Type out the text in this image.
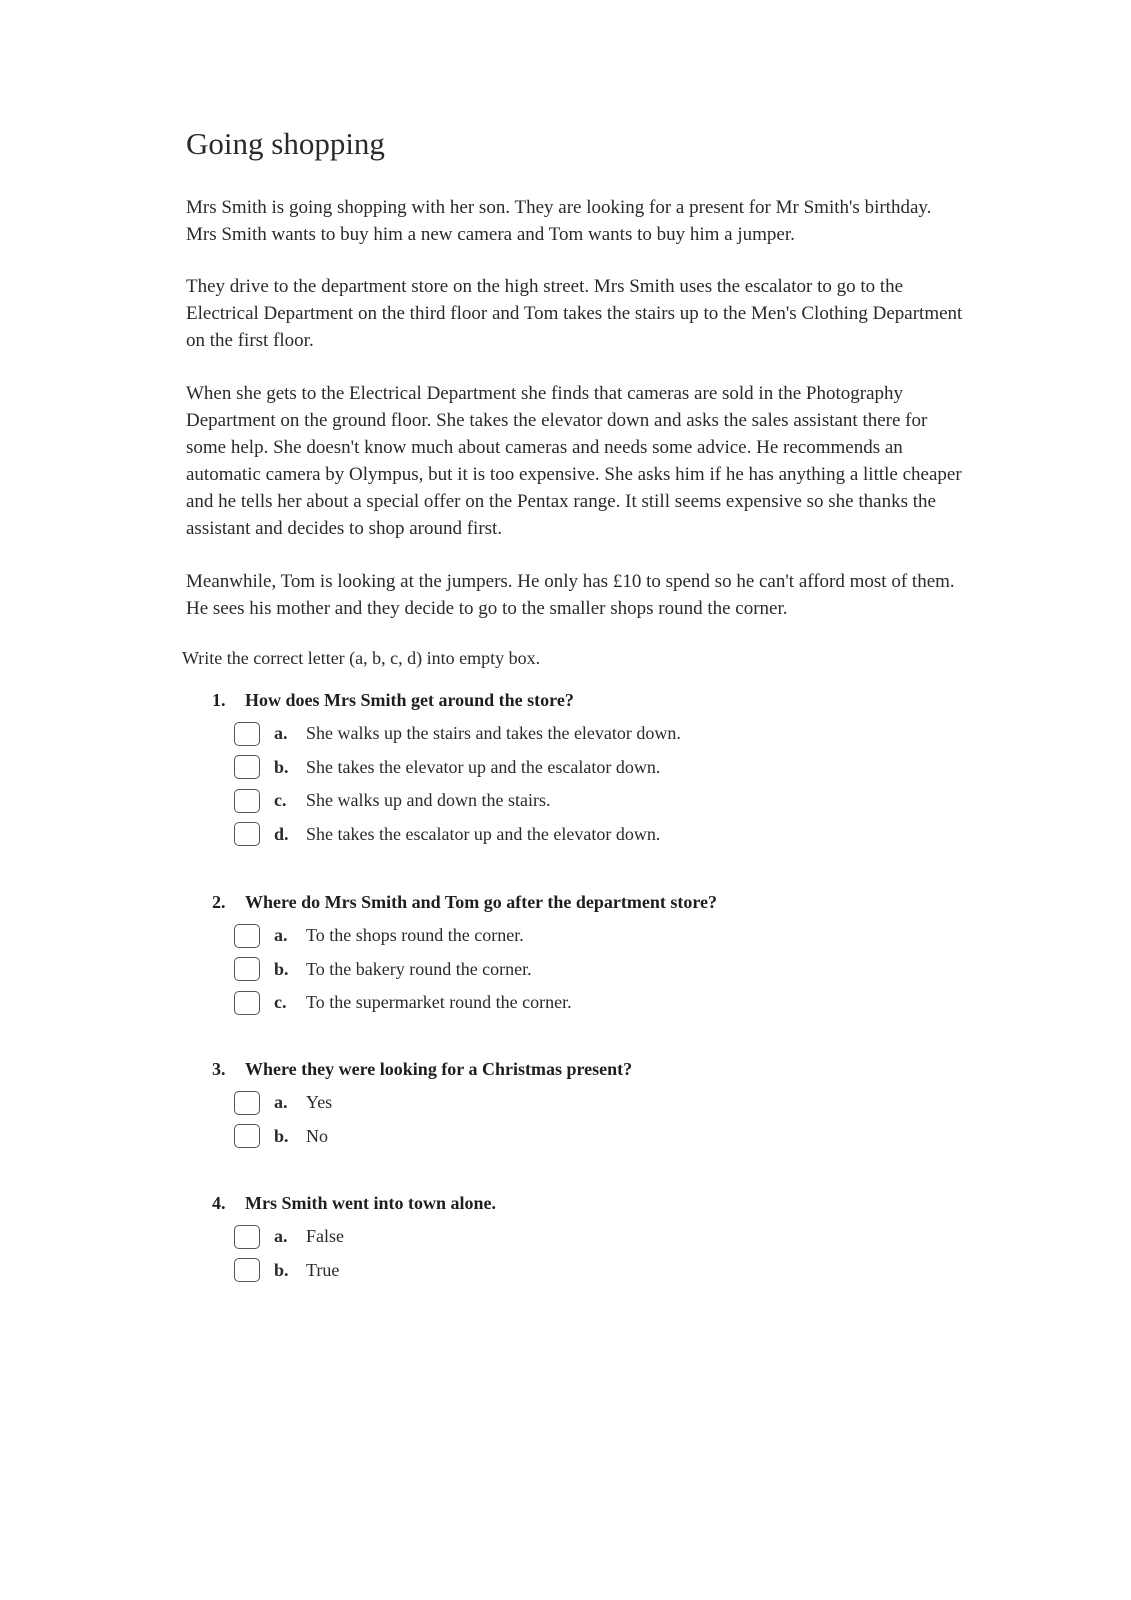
Going shopping

Mrs Smith is going shopping with her son. They are looking for a present for Mr Smith's birthday. Mrs Smith wants to buy him a new camera and Tom wants to buy him a jumper.

They drive to the department store on the high street. Mrs Smith uses the escalator to go to the Electrical Department on the third floor and Tom takes the stairs up to the Men's Clothing Department on the first floor.

When she gets to the Electrical Department she finds that cameras are sold in the Photography Department on the ground floor. She takes the elevator down and asks the sales assistant there for some help. She doesn't know much about cameras and needs some advice. He recommends an automatic camera by Olympus, but it is too expensive. She asks him if he has anything a little cheaper and he tells her about a special offer on the Pentax range. It still seems expensive so she thanks the assistant and decides to shop around first.

Meanwhile, Tom is looking at the jumpers. He only has £10 to spend so he can't afford most of them. He sees his mother and they decide to go to the smaller shops round the corner.

Write the correct letter (a, b, c, d) into empty box.

1.	How does Mrs Smith get around the store?
a.	She walks up the stairs and takes the elevator down.
b. She takes the elevator up and the escalator down.
c.	She walks up and down the stairs.
d. She takes the escalator up and the elevator down.
2.	Where do Mrs Smith and Tom go after the department store?
a.	To the shops round the corner.
b. To the bakery round the corner.
c.	To the supermarket round the corner.
3.	Where they were looking for a Christmas present?
a.	Yes
b. No
4.	Mrs Smith went into town alone.
a.	False
b. True
